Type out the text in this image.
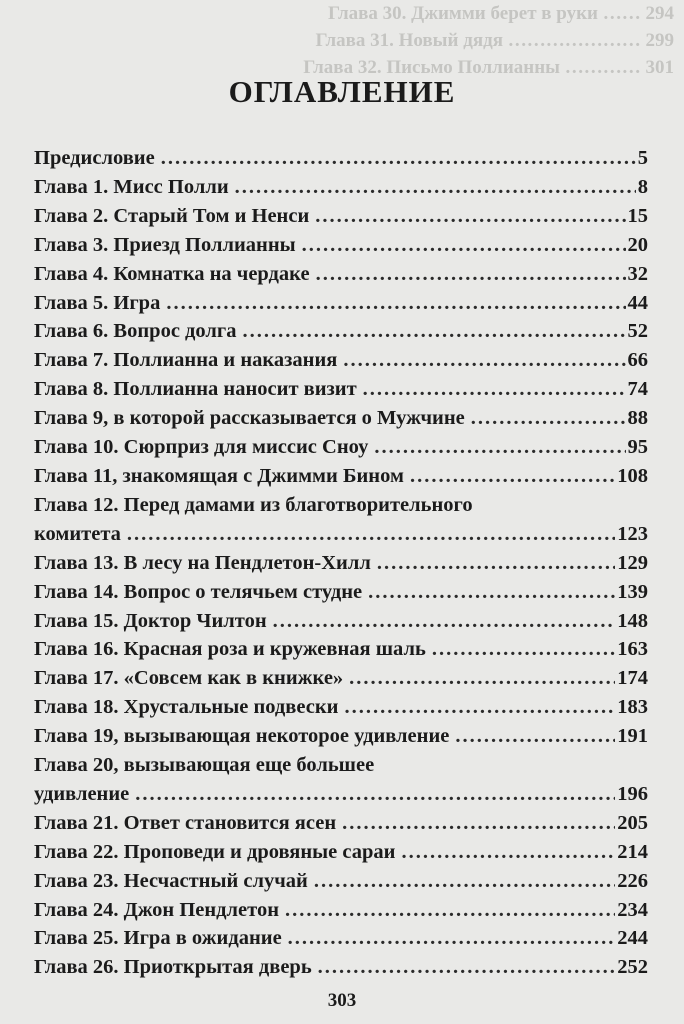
Глава 30. Джимми берет в руки …… 294
Глава 31. Новый дядя ………………… 299
Глава 32. Письмо Поллианны ………… 301
ОГЛАВЛЕНИЕ
Предисловие .....	5
Глава 1. Мисс Полли .....	8
Глава 2. Старый Том и Ненси .....	15
Глава 3. Приезд Поллианны .....	20
Глава 4. Комнатка на чердаке .....	32
Глава 5. Игра .....	44
Глава 6. Вопрос долга .....	52
Глава 7. Поллианна и наказания .....	66
Глава 8. Поллианна наносит визит .....	74
Глава 9, в которой рассказывается о Мужчине .....	88
Глава 10. Сюрприз для миссис Сноу .....	95
Глава 11, знакомящая с Джимми Бином .....	108
Глава 12. Перед дамами из благотворительного
комитета .....	123
Глава 13. В лесу на Пендлетон-Хилл .....	129
Глава 14. Вопрос о телячьем студне .....	139
Глава 15. Доктор Чилтон .....	148
Глава 16. Красная роза и кружевная шаль .....	163
Глава 17. «Совсем как в книжке» .....	174
Глава 18. Хрустальные подвески .....	183
Глава 19, вызывающая некоторое удивление .....	191
Глава 20, вызывающая еще большее
удивление .....	196
Глава 21. Ответ становится ясен .....	205
Глава 22. Проповеди и дровяные сараи .....	214
Глава 23. Несчастный случай .....	226
Глава 24. Джон Пендлетон .....	234
Глава 25. Игра в ожидание .....	244
Глава 26. Приоткрытая дверь .....	252
303
